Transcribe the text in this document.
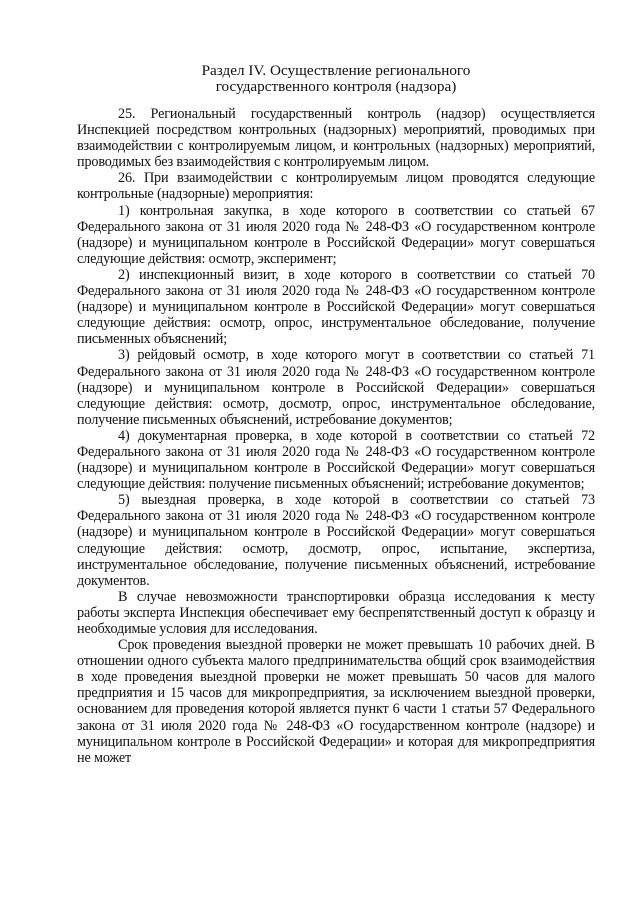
Раздел IV. Осуществление регионального
государственного контроля (надзора)

25. Региональный государственный контроль (надзор) осуществляется Инспекцией посредством контрольных (надзорных) мероприятий, проводимых при взаимодействии с контролируемым лицом, и контрольных (надзорных) мероприятий, проводимых без взаимодействия с контролируемым лицом.

26. При взаимодействии с контролируемым лицом проводятся следующие контрольные (надзорные) мероприятия:

1) контрольная закупка, в ходе которого в соответствии со статьей 67 Федерального закона от 31 июля 2020 года № 248-ФЗ «О государственном контроле (надзоре) и муниципальном контроле в Российской Федерации» могут совершаться следующие действия: осмотр, эксперимент;

2) инспекционный визит, в ходе которого в соответствии со статьей 70 Федерального закона от 31 июля 2020 года № 248-ФЗ «О государственном контроле (надзоре) и муниципальном контроле в Российской Федерации» могут совершаться следующие действия: осмотр, опрос, инструментальное обследование, получение письменных объяснений;

3) рейдовый осмотр, в ходе которого могут в соответствии со статьей 71 Федерального закона от 31 июля 2020 года № 248-ФЗ «О государственном контроле (надзоре) и муниципальном контроле в Российской Федерации» совершаться следующие действия: осмотр, досмотр, опрос, инструментальное обследование, получение письменных объяснений, истребование документов;

4) документарная проверка, в ходе которой в соответствии со статьей 72 Федерального закона от 31 июля 2020 года № 248-ФЗ «О государственном контроле (надзоре) и муниципальном контроле в Российской Федерации» могут совершаться следующие действия: получение письменных объяснений; истребование документов;

5) выездная проверка, в ходе которой в соответствии со статьей 73 Федерального закона от 31 июля 2020 года № 248-ФЗ «О государственном контроле (надзоре) и муниципальном контроле в Российской Федерации» могут совершаться следующие действия: осмотр, досмотр, опрос, испытание, экспертиза, инструментальное обследование, получение письменных объяснений, истребование документов.

В случае невозможности транспортировки образца исследования к месту работы эксперта Инспекция обеспечивает ему беспрепятственный доступ к образцу и необходимые условия для исследования.

Срок проведения выездной проверки не может превышать 10 рабочих дней. В отношении одного субъекта малого предпринимательства общий срок взаимодействия в ходе проведения выездной проверки не может превышать 50 часов для малого предприятия и 15 часов для микропредприятия, за исключением выездной проверки, основанием для проведения которой является пункт 6 части 1 статьи 57 Федерального закона от 31 июля 2020 года № 248-ФЗ «О государственном контроле (надзоре) и муниципальном контроле в Российской Федерации» и которая для микропредприятия не может
